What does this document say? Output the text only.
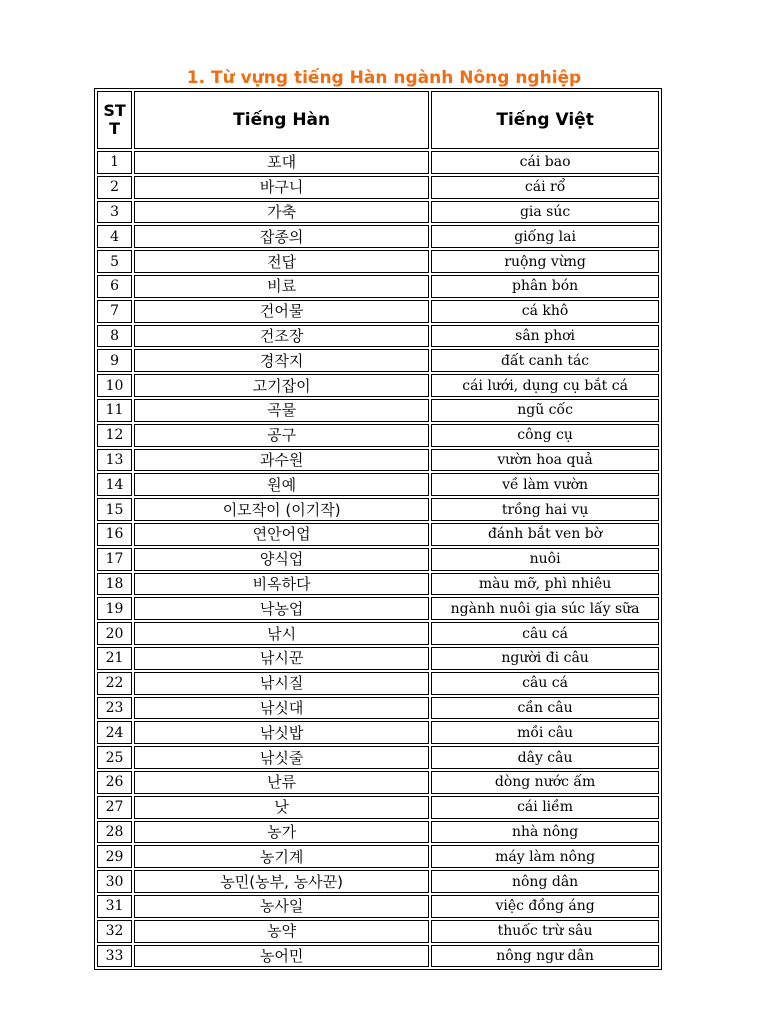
1. Từ vựng tiếng Hàn ngành Nông nghiệp
STT	Tiếng Hàn	Tiếng Việt
1	포대	cái bao
2	바구니	cái rổ
3	가축	gia súc
4	잡종의	giống lai
5	전답	ruộng vừng
6	비료	phân bón
7	건어물	cá khô
8	건조장	sân phơi
9	경작지	đất canh tác
10	고기잡이	cái lưới, dụng cụ bắt cá
11	곡물	ngũ cốc
12	공구	công cụ
13	과수원	vườn hoa quả
14	원예	về làm vườn
15	이모작이 (이기작)	trồng hai vụ
16	연안어업	đánh bắt ven bờ
17	양식업	nuôi
18	비옥하다	màu mỡ, phì nhiêu
19	낙농업	ngành nuôi gia súc lấy sữa
20	낚시	câu cá
21	낚시꾼	người đi câu
22	낚시질	câu cá
23	낚싯대	cần câu
24	낚싯밥	mồi câu
25	낚싯줄	dây câu
26	난류	dòng nước ấm
27	낫	cái liềm
28	농가	nhà nông
29	농기계	máy làm nông
30	농민(농부, 농사꾼)	nông dân
31	농사일	việc đồng áng
32	농약	thuốc trừ sâu
33	농어민	nông ngư dân
